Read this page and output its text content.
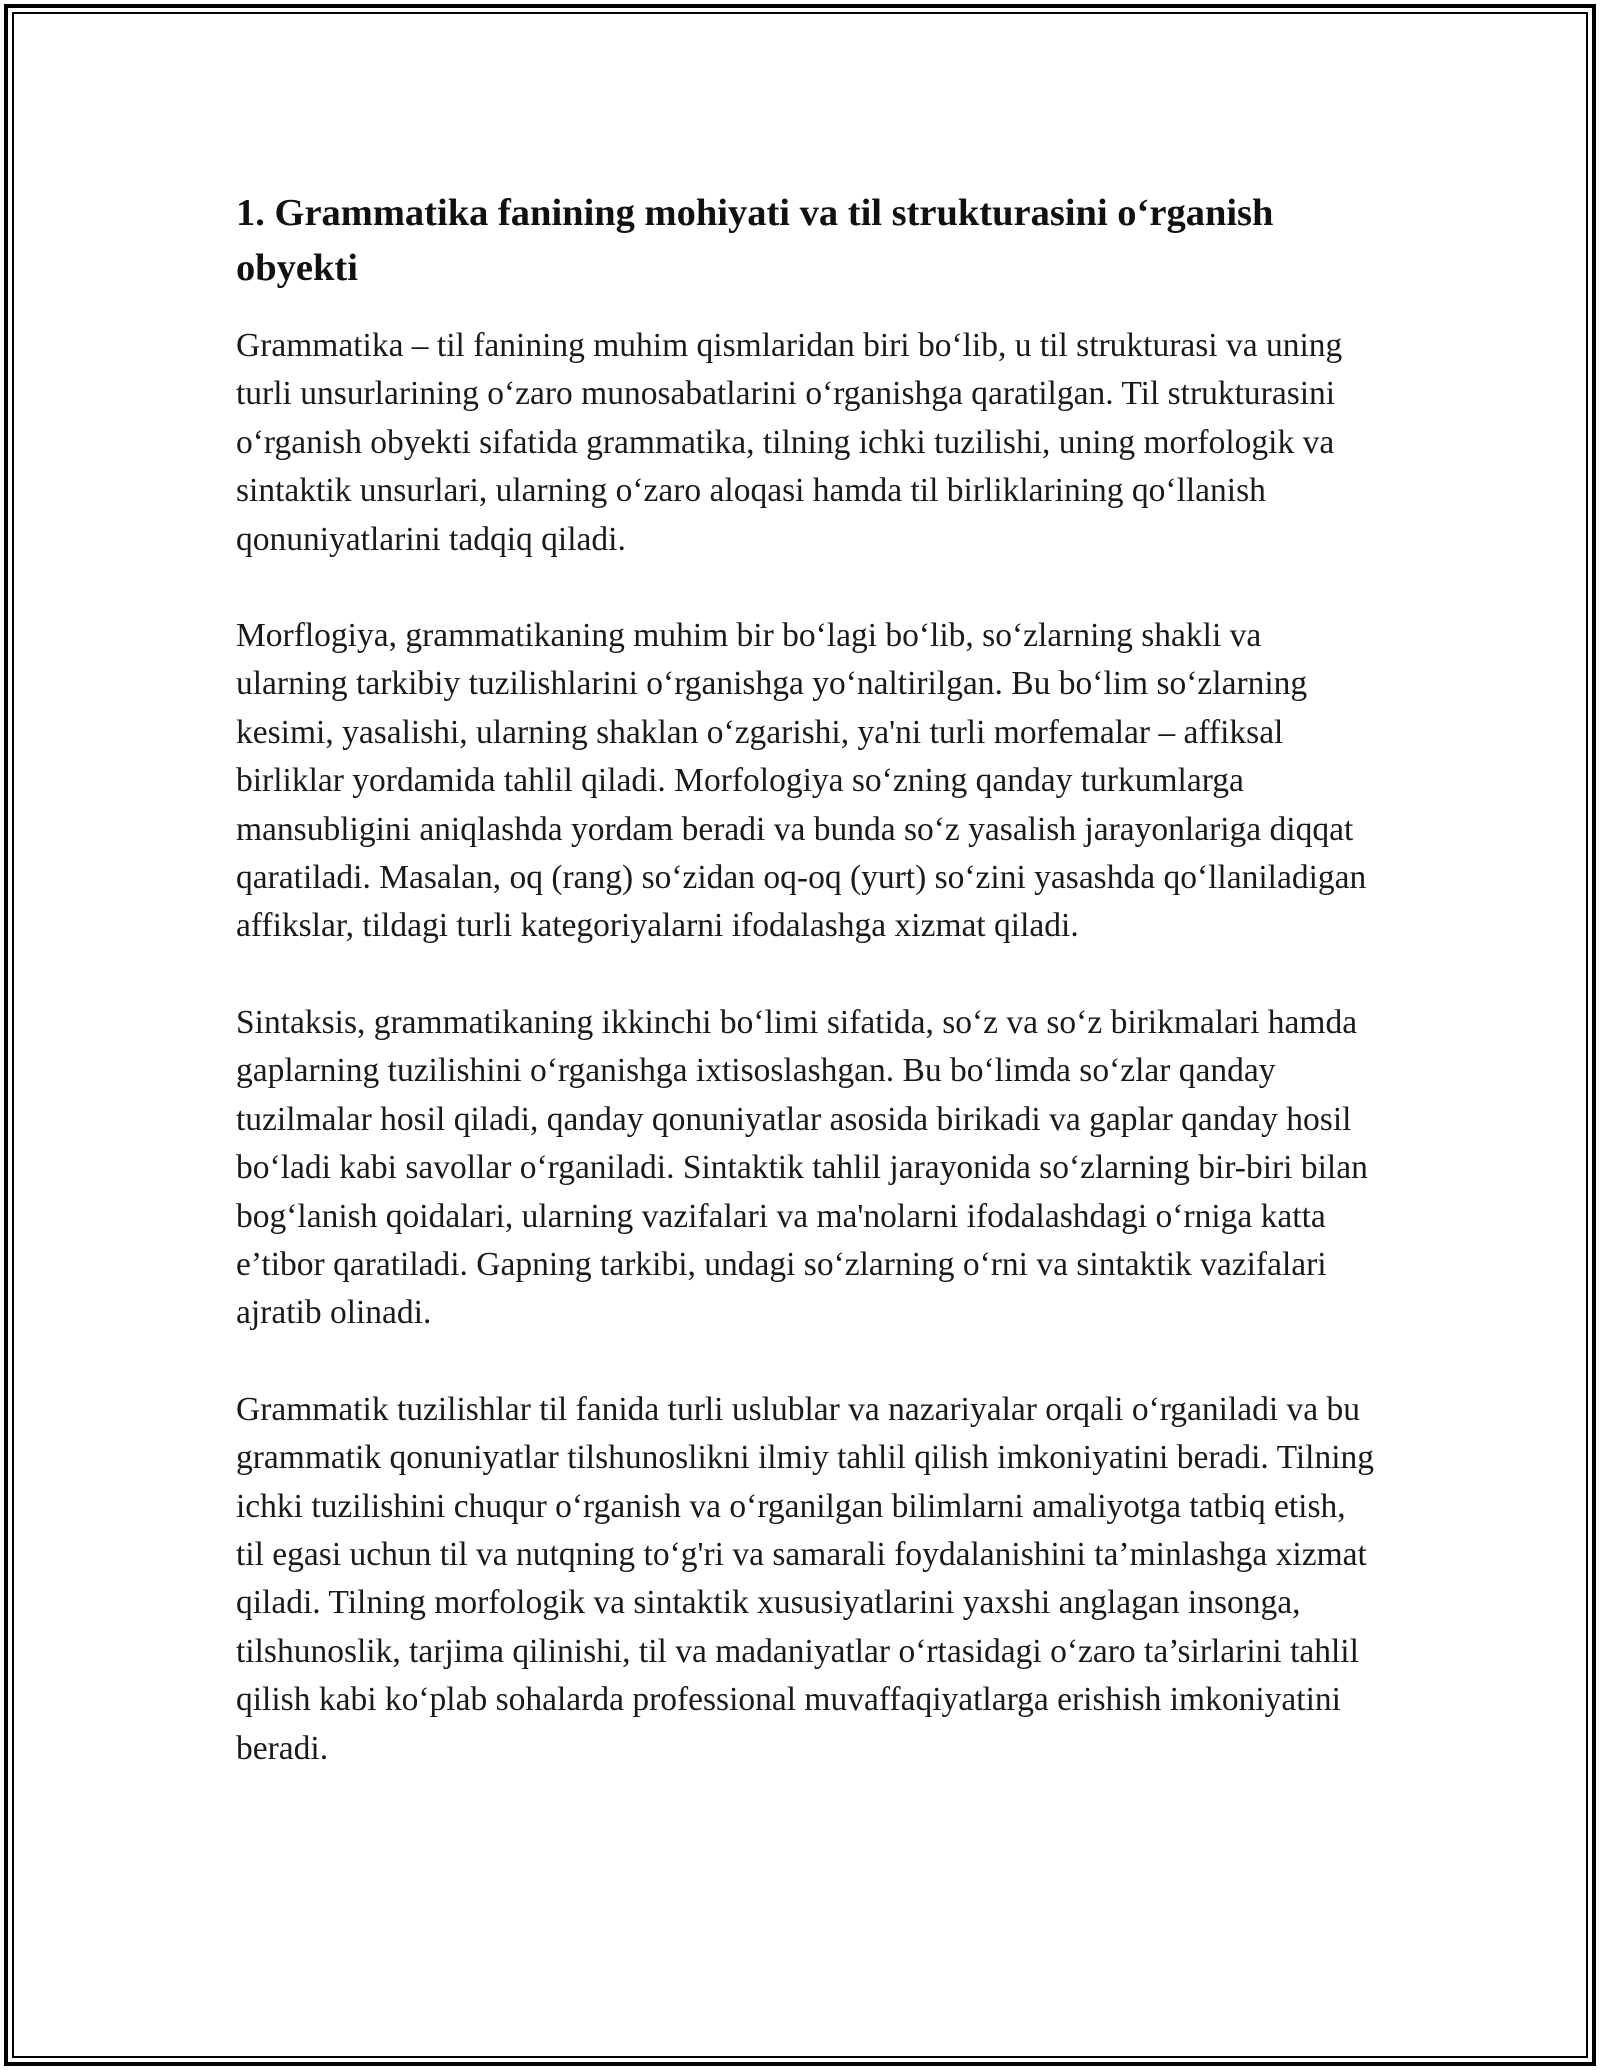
1. Grammatika fanining mohiyati va til strukturasini o‘rganish obyekti

Grammatika – til fanining muhim qismlaridan biri bo‘lib, u til strukturasi va uning turli unsurlarining o‘zaro munosabatlarini o‘rganishga qaratilgan. Til strukturasini o‘rganish obyekti sifatida grammatika, tilning ichki tuzilishi, uning morfologik va sintaktik unsurlari, ularning o‘zaro aloqasi hamda til birliklarining qo‘llanish qonuniyatlarini tadqiq qiladi.

Morflogiya, grammatikaning muhim bir bo‘lagi bo‘lib, so‘zlarning shakli va ularning tarkibiy tuzilishlarini o‘rganishga yo‘naltirilgan. Bu bo‘lim so‘zlarning kesimi, yasalishi, ularning shaklan o‘zgarishi, ya'ni turli morfemalar – affiksal birliklar yordamida tahlil qiladi. Morfologiya so‘zning qanday turkumlarga mansubligini aniqlashda yordam beradi va bunda so‘z yasalish jarayonlariga diqqat qaratiladi. Masalan, oq (rang) so‘zidan oq-oq (yurt) so‘zini yasashda qo‘llaniladigan affikslar, tildagi turli kategoriyalarni ifodalashga xizmat qiladi.

Sintaksis, grammatikaning ikkinchi bo‘limi sifatida, so‘z va so‘z birikmalari hamda gaplarning tuzilishini o‘rganishga ixtisoslashgan. Bu bo‘limda so‘zlar qanday tuzilmalar hosil qiladi, qanday qonuniyatlar asosida birikadi va gaplar qanday hosil bo‘ladi kabi savollar o‘rganiladi. Sintaktik tahlil jarayonida so‘zlarning bir-biri bilan bog‘lanish qoidalari, ularning vazifalari va ma'nolarni ifodalashdagi o‘rniga katta e’tibor qaratiladi. Gapning tarkibi, undagi so‘zlarning o‘rni va sintaktik vazifalari ajratib olinadi.

Grammatik tuzilishlar til fanida turli uslublar va nazariyalar orqali o‘rganiladi va bu grammatik qonuniyatlar tilshunoslikni ilmiy tahlil qilish imkoniyatini beradi. Tilning ichki tuzilishini chuqur o‘rganish va o‘rganilgan bilimlarni amaliyotga tatbiq etish, til egasi uchun til va nutqning to‘g'ri va samarali foydalanishini ta’minlashga xizmat qiladi. Tilning morfologik va sintaktik xususiyatlarini yaxshi anglagan insonga, tilshunoslik, tarjima qilinishi, til va madaniyatlar o‘rtasidagi o‘zaro ta’sirlarini tahlil qilish kabi ko‘plab sohalarda professional muvaffaqiyatlarga erishish imkoniyatini beradi.
